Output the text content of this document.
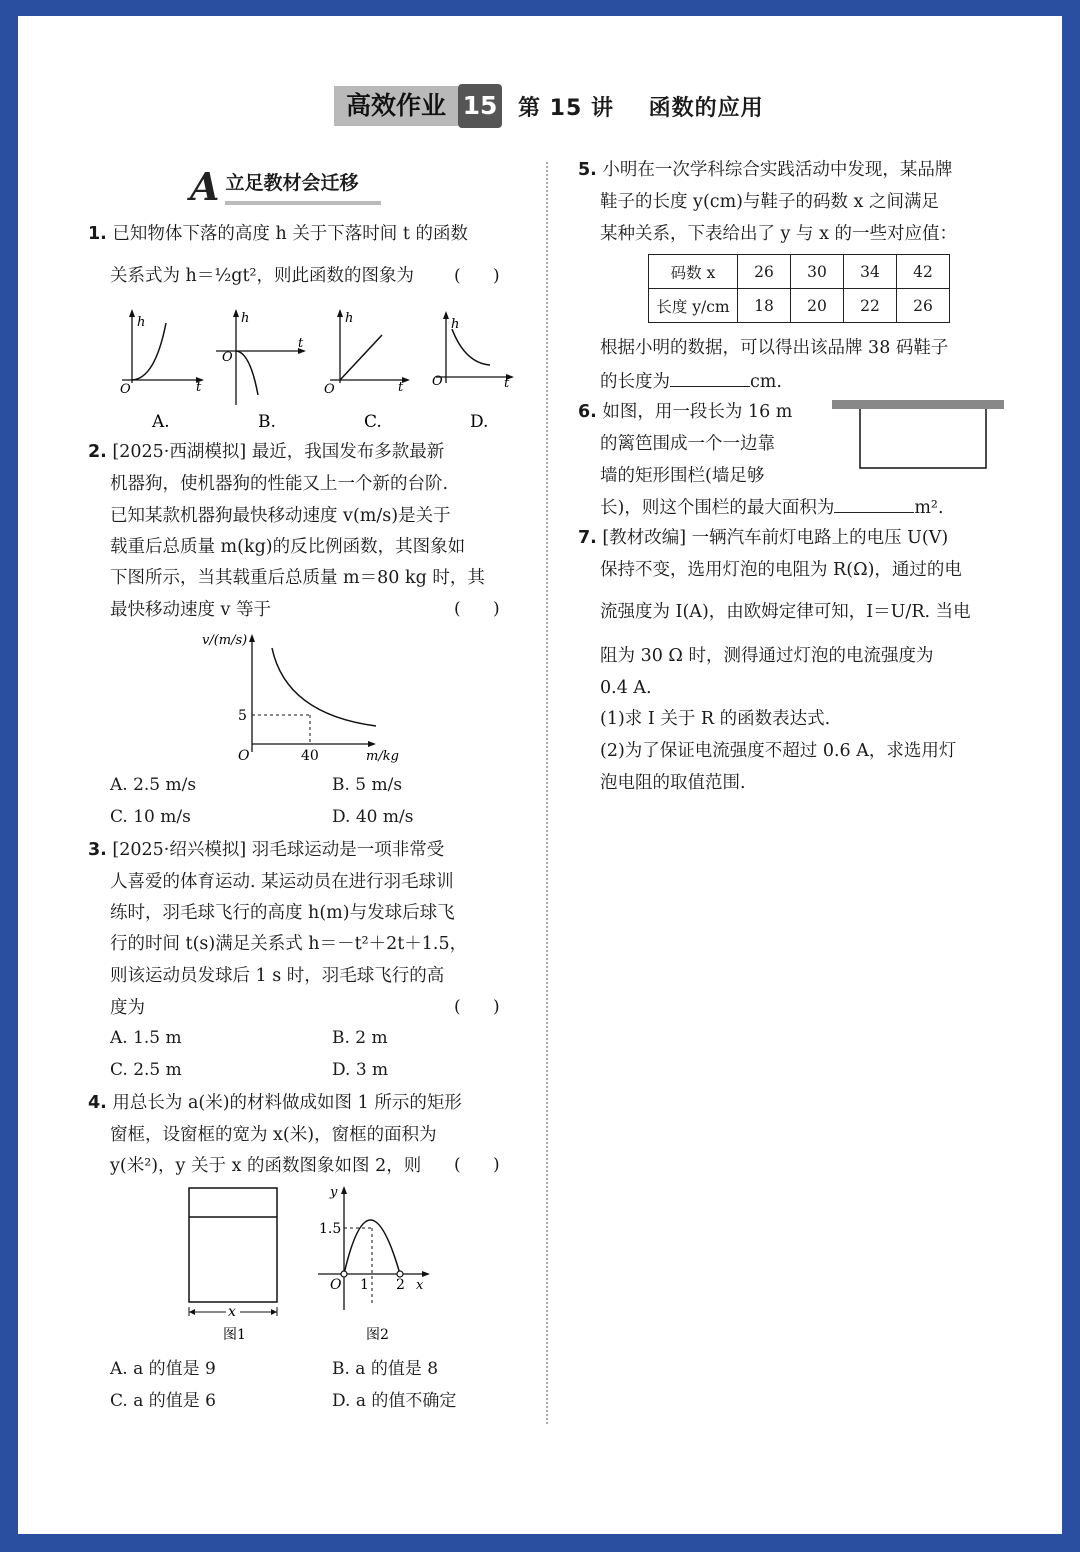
高效作业 15 第 15 讲    函数的应用
A 立足教材会迁移
1. 已知物体下落的高度 h 关于下落时间 t 的函数
关系式为 h＝½gt²，则此函数的图象为 (      )
h
t
O
A.
h
t
O
B.
h
t
O
C.
h
t
O
D.
2. [2025·西湖模拟] 最近，我国发布多款最新
机器狗，使机器狗的性能又上一个新的台阶.
已知某款机器狗最快移动速度 v(m/s)是关于
载重后总质量 m(kg)的反比例函数，其图象如
下图所示，当其载重后总质量 m＝80 kg 时，其
最快移动速度 v 等于	(      )
v/(m/s)
m/kg
O
5
40
A. 2.5 m/s	B. 5 m/s
C. 10 m/s	D. 40 m/s
3. [2025·绍兴模拟] 羽毛球运动是一项非常受
人喜爱的体育运动. 某运动员在进行羽毛球训
练时，羽毛球飞行的高度 h(m)与发球后球飞
行的时间 t(s)满足关系式 h＝－t²＋2t＋1.5，
则该运动员发球后 1 s 时，羽毛球飞行的高
度为	(      )
A. 1.5 m	B. 2 m
C. 2.5 m	D. 3 m
4. 用总长为 a(米)的材料做成如图 1 所示的矩形
窗框，设窗框的宽为 x(米)，窗框的面积为
y(米²)，y 关于 x 的函数图象如图 2，则 (      )
x
图1
y
x
O
1.5
1 2
图2
A. a 的值是 9	B. a 的值是 8
C. a 的值是 6	D. a 的值不确定
5. 小明在一次学科综合实践活动中发现，某品牌
鞋子的长度 y(cm)与鞋子的码数 x 之间满足
某种关系，下表给出了 y 与 x 的一些对应值：
码数 x	26	30	34	42
长度 y/cm	18	20	22	26
根据小明的数据，可以得出该品牌 38 码鞋子
的长度为	cm.
6. 如图，用一段长为 16 m
的篱笆围成一个一边靠
墙的矩形围栏(墙足够
长)，则这个围栏的最大面积为	m².
7. [教材改编] 一辆汽车前灯电路上的电压 U(V)
保持不变，选用灯泡的电阻为 R(Ω)，通过的电
流强度为 I(A)，由欧姆定律可知，I＝U/R. 当电
阻为 30 Ω 时，测得通过灯泡的电流强度为
0.4 A.
(1)求 I 关于 R 的函数表达式.
(2)为了保证电流强度不超过 0.6 A，求选用灯
泡电阻的取值范围.
